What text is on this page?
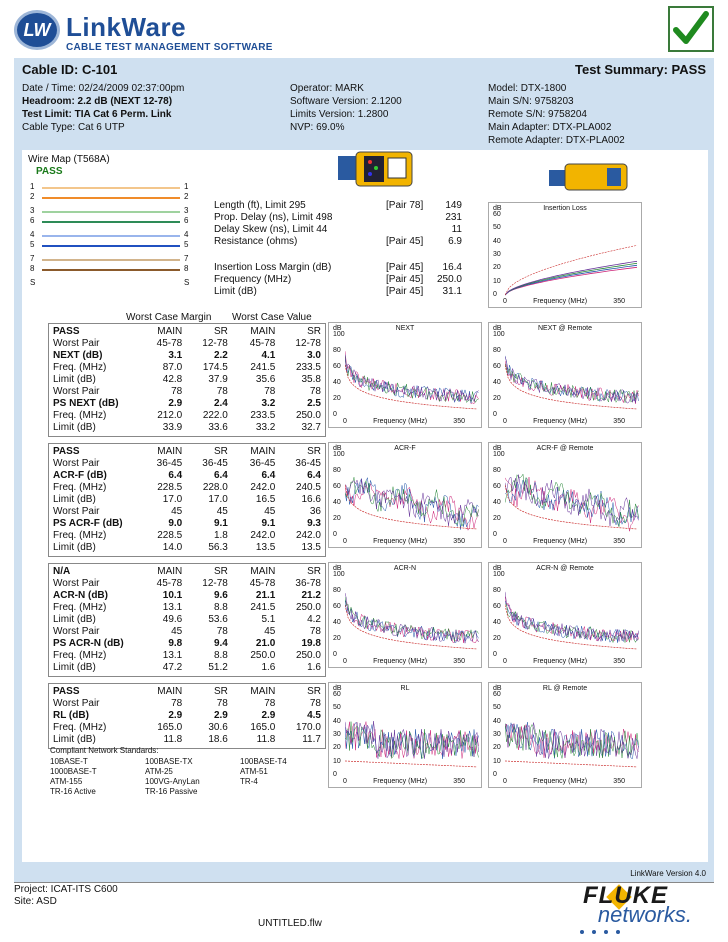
LW LinkWare
CABLE TEST MANAGEMENT SOFTWARE
Cable ID: C-101	Test Summary: PASS
Date / Time: 02/24/2009 02:37:00pm
Headroom: 2.2 dB (NEXT 12-78)
Test Limit: TIA Cat 6 Perm. Link
Cable Type: Cat 6 UTP
Operator: MARK
Software Version: 2.1200
Limits Version: 1.2800
NVP: 69.0%
Model: DTX-1800
Main S/N: 9758203
Remote S/N: 9758204
Main Adapter: DTX-PLA002
Remote Adapter: DTX-PLA002
Wire Map (T568A)
PASS
1	1
2	2
3	3
6	6
4	4
5	5
7	7
8	8
S	S
Length (ft), Limit 295	[Pair 78]	149
Prop. Delay (ns), Limit 498	231
Delay Skew (ns), Limit 44	11
Resistance (ohms)	[Pair 45]	6.9
Insertion Loss Margin (dB)	[Pair 45]	16.4
Frequency (MHz)	[Pair 45]	250.0
Limit (dB)	[Pair 45]	31.1
Worst Case Margin Worst Case Value
PASS	MAIN	SR	MAIN	SR
Worst Pair	45-78	12-78	45-78	12-78
NEXT (dB)	3.1	2.2	4.1	3.0
Freq. (MHz)	87.0	174.5	241.5	233.5
Limit (dB)	42.8	37.9	35.6	35.8
Worst Pair	78	78	78	78
PS NEXT (dB)	2.9	2.4	3.2	2.5
Freq. (MHz)	212.0	222.0	233.5	250.0
Limit (dB)	33.9	33.6	33.2	32.7
PASS	MAIN	SR	MAIN	SR
Worst Pair	36-45	36-45	36-45	36-45
ACR-F (dB)	6.4	6.4	6.4	6.4
Freq. (MHz)	228.5	228.0	242.0	240.5
Limit (dB)	17.0	17.0	16.5	16.6
Worst Pair	45	45	45	36
PS ACR-F (dB)	9.0	9.1	9.1	9.3
Freq. (MHz)	228.5	1.8	242.0	242.0
Limit (dB)	14.0	56.3	13.5	13.5
N/A	MAIN	SR	MAIN	SR
Worst Pair	45-78	12-78	45-78	36-78
ACR-N (dB)	10.1	9.6	21.1	21.2
Freq. (MHz)	13.1	8.8	241.5	250.0
Limit (dB)	49.6	53.6	5.1	4.2
Worst Pair	45	78	45	78
PS ACR-N (dB)	9.8	9.4	21.0	19.8
Freq. (MHz)	13.1	8.8	250.0	250.0
Limit (dB)	47.2	51.2	1.6	1.6
PASS	MAIN	SR	MAIN	SR
Worst Pair	78	78	78	78
RL (dB)	2.9	2.9	2.9	4.5
Freq. (MHz)	165.0	30.6	165.0	170.0
Limit (dB)	11.8	18.6	11.8	11.7
Compliant Network Standards:
10BASE-T	100BASE-TX	100BASE-T4
1000BASE-T	ATM-25	ATM-51
ATM-155	100VG-AnyLan	TR-4
TR-16 Active	TR-16 Passive
dB	Insertion Loss
60
50
40
30
20
10
0
0	Frequency (MHz)	350
dB	NEXT
100
80
60
40
20
0
0	Frequency (MHz)	350
dB	NEXT @ Remote
100
80
60
40
20
0
0	Frequency (MHz)	350
dB	ACR-F
100
80
60
40
20
0
0	Frequency (MHz)	350
dB	ACR-F @ Remote
100
80
60
40
20
0
0	Frequency (MHz)	350
dB	ACR-N
100
80
60
40
20
0
0	Frequency (MHz)	350
dB	ACR-N @ Remote
100
80
60
40
20
0
0	Frequency (MHz)	350
dB	RL
60
50
40
30
20
10
0
0	Frequency (MHz)	350
dB	RL @ Remote
60
50
40
30
20
10
0
0	Frequency (MHz)	350
LinkWare Version 4.0
Project: ICAT-ITS C600
Site: ASD
UNTITLED.flw
FLUKE
networks.
